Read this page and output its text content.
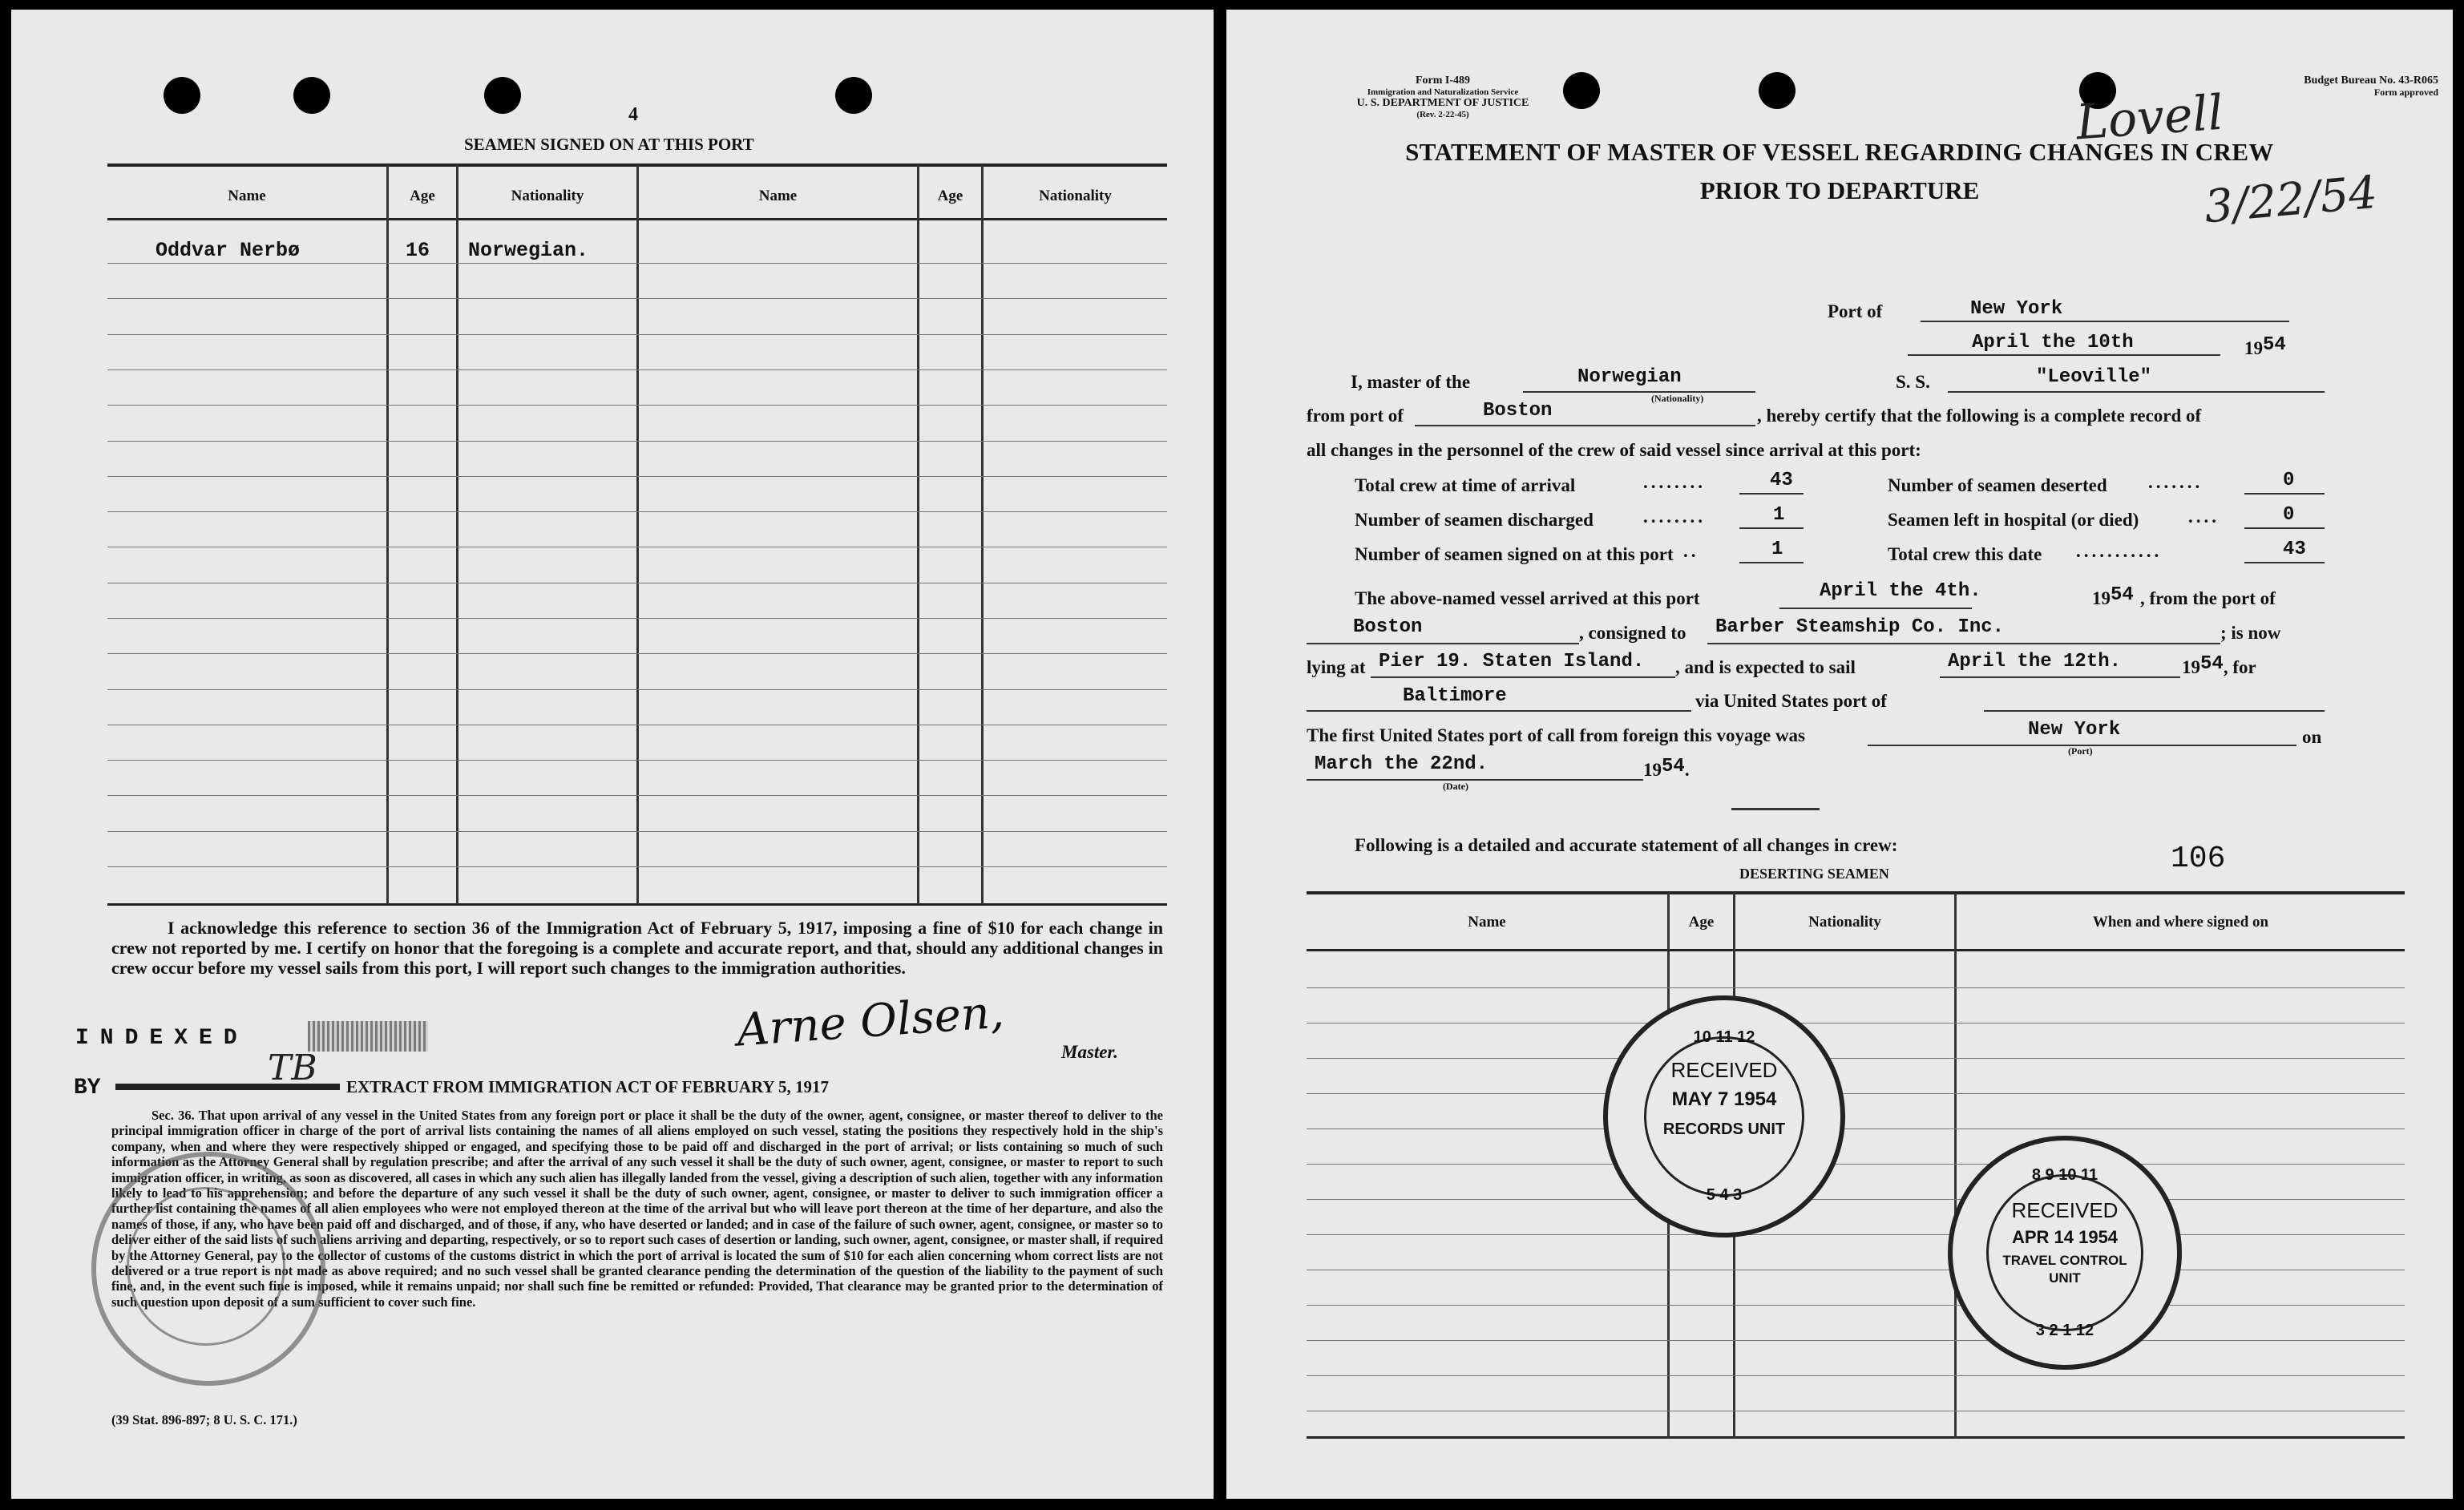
4
SEAMEN SIGNED ON AT THIS PORT
Name	Age	Nationality	Name	Age	Nationality
Oddvar Nerbø	16 Norwegian.
I acknowledge this reference to section 36 of the Immigration Act of February 5, 1917, imposing a fine of $10 for each change in crew not reported by me. I certify on honor that the foregoing is a complete and accurate report, and that, should any additional changes in crew occur before my vessel sails from this port, I will report such changes to the immigration authorities.
Arne Olsen,	Master.
INDEXED
BY	TB EXTRACT FROM IMMIGRATION ACT OF FEBRUARY 5, 1917
Sec. 36. That upon arrival of any vessel in the United States from any foreign port or place it shall be the duty of the owner, agent, consignee, or master thereof to deliver to the principal immigration officer in charge of the port of arrival lists containing the names of all aliens employed on such vessel, stating the positions they respectively hold in the ship's company, when and where they were respectively shipped or engaged, and specifying those to be paid off and discharged in the port of arrival; or lists containing so much of such information as the Attorney General shall by regulation prescribe; and after the arrival of any such vessel it shall be the duty of such owner, agent, consignee, or master to report to such immigration officer, in writing, as soon as discovered, all cases in which any such alien has illegally landed from the vessel, giving a description of such alien, together with any information likely to lead to his apprehension; and before the departure of any such vessel it shall be the duty of such owner, agent, consignee, or master to deliver to such immigration officer a further list containing the names of all alien employees who were not employed thereon at the time of the arrival but who will leave port thereon at the time of her departure, and also the names of those, if any, who have been paid off and discharged, and of those, if any, who have deserted or landed; and in case of the failure of such owner, agent, consignee, or master so to deliver either of the said lists of such aliens arriving and departing, respectively, or so to report such cases of desertion or landing, such owner, agent, consignee, or master shall, if required by the Attorney General, pay to the collector of customs of the customs district in which the port of arrival is located the sum of $10 for each alien concerning whom correct lists are not delivered or a true report is not made as above required; and no such vessel shall be granted clearance pending the determination of the question of the liability to the payment of such fine, and, in the event such fine is imposed, while it remains unpaid; nor shall such fine be remitted or refunded: Provided, That clearance may be granted prior to the determination of such question upon deposit of a sum sufficient to cover such fine.
(39 Stat. 896-897; 8 U. S. C. 171.)
Form I-489
Immigration and Naturalization Service
U. S. DEPARTMENT OF JUSTICE
(Rev. 2-22-45)
Budget Bureau No. 43-R065
Form approved
Lovell
3/22/54
STATEMENT OF MASTER OF VESSEL REGARDING CHANGES IN CREW
PRIOR TO DEPARTURE
Port of	New York
April the 10th	1954
I, master of the	Norwegian
(Nationality)
S. S.	"Leoville"
from port of	Boston	, hereby certify that the following is a complete record of
all changes in the personnel of the crew of said vessel since arrival at this port:
Total crew at time of arrival	........	43	Number of seamen deserted .......	0
Number of seamen discharged	........	1	Seamen left in hospital (or died)	....	0
Number of seamen signed on at this port ..	1	Total crew this date ...........	43
The above-named vessel arrived at this port	April the 4th.	1954 , from the port of
Boston	, consigned to Barber Steamship Co. Inc.	; is now
lying at Pier 19. Staten Island. , and is expected to sail	April the 12th.	1954, for
Baltimore	via United States port of
The first United States port of call from foreign this voyage was	New York
(Port)
on
March the 22nd.
(Date)
1954.
Following is a detailed and accurate statement of all changes in crew:
DESERTING SEAMEN	106
Name	Age	Nationality	When and where signed on
10 11 12
RECEIVED
MAY 7 1954
RECORDS UNIT
5 4 3
8 9 10 11
RECEIVED
APR 14 1954
TRAVEL CONTROL
UNIT
3 2 1 12
